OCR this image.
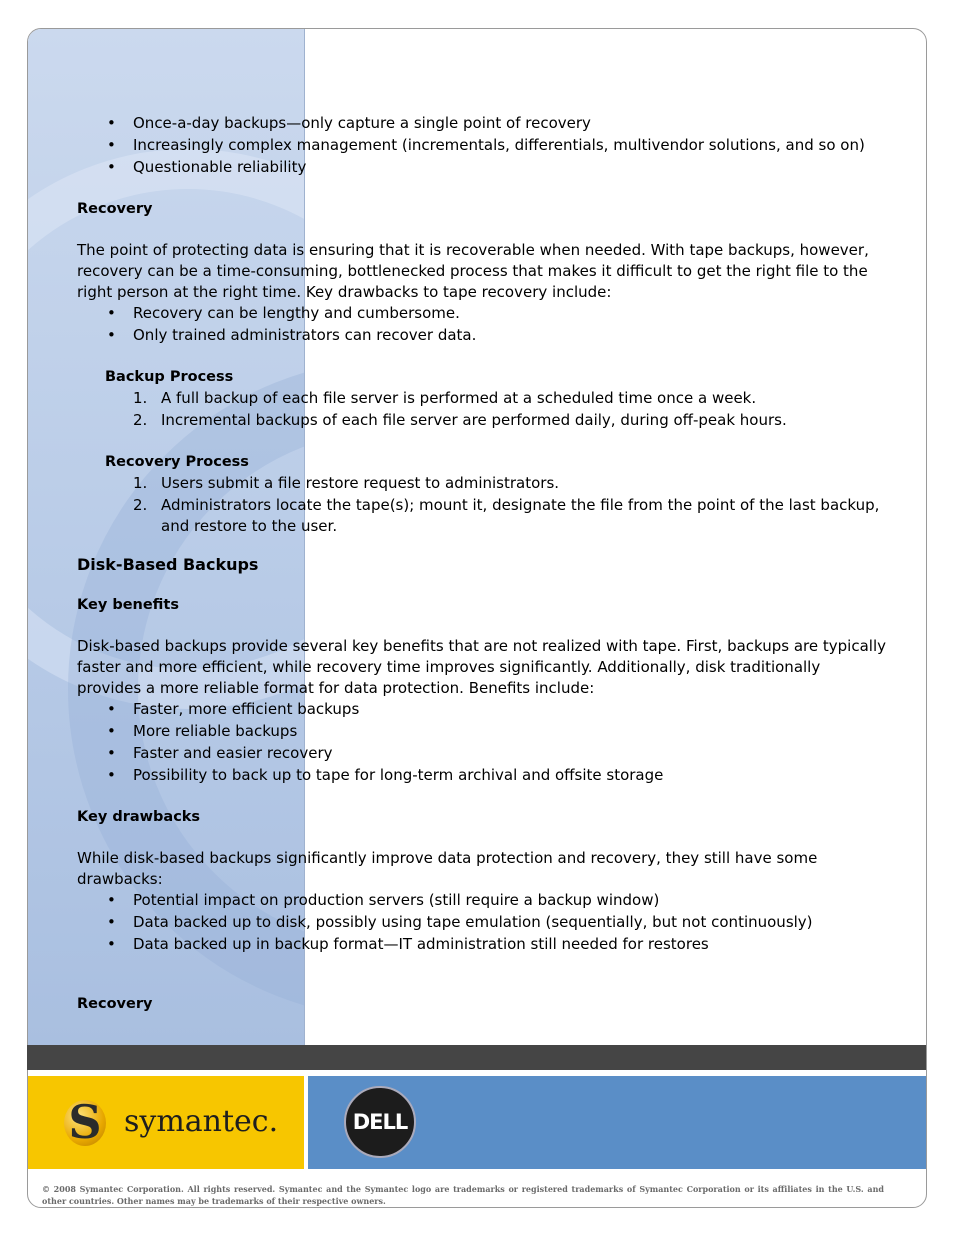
• Once-a-day backups—only capture a single point of recovery
• Increasingly complex management (incrementals, differentials, multivendor solutions, and so on)
• Questionable reliability

Recovery

The point of protecting data is ensuring that it is recoverable when needed. With tape backups, however, recovery can be a time-consuming, bottlenecked process that makes it difficult to get the right file to the right person at the right time. Key drawbacks to tape recovery include:

• Recovery can be lengthy and cumbersome.
• Only trained administrators can recover data.

Backup Process

1. A full backup of each file server is performed at a scheduled time once a week.
2. Incremental backups of each file server are performed daily, during off-peak hours.

Recovery Process

1. Users submit a file restore request to administrators.
2. Administrators locate the tape(s); mount it, designate the file from the point of the last backup, and restore to the user.

Disk-Based Backups

Key benefits

Disk-based backups provide several key benefits that are not realized with tape. First, backups are typically faster and more efficient, while recovery time improves significantly. Additionally, disk traditionally provides a more reliable format for data protection. Benefits include:

• Faster, more efficient backups
• More reliable backups
• Faster and easier recovery
• Possibility to back up to tape for long-term archival and offsite storage

Key drawbacks

While disk-based backups significantly improve data protection and recovery, they still have some drawbacks:

• Potential impact on production servers (still require a backup window)
• Data backed up to disk, possibly using tape emulation (sequentially, but not continuously)
• Data backed up in backup format—IT administration still needed for restores

Recovery

S symantec.	DELL

© 2008 Symantec Corporation. All rights reserved. Symantec and the Symantec logo are trademarks or registered trademarks of Symantec Corporation or its affiliates in the U.S. and other countries. Other names may be trademarks of their respective owners.
